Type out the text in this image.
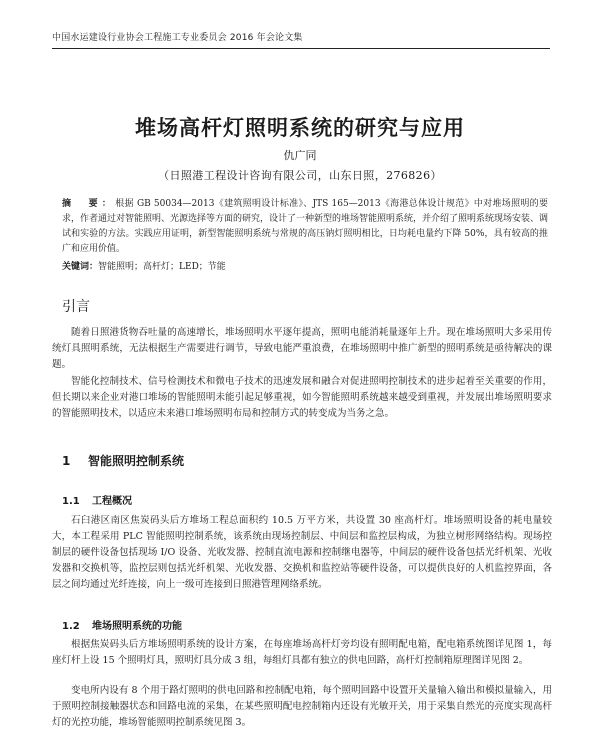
中国水运建设行业协会工程施工专业委员会 2016 年会论文集
堆场高杆灯照明系统的研究与应用
仇广同
（日照港工程设计咨询有限公司，山东日照，276826）
摘　要：根据 GB 50034—2013《建筑照明设计标准》、JTS 165—2013《海港总体设计规范》中对堆场照明的要求，作者通过对智能照明、光源选择等方面的研究，设计了一种新型的堆场智能照明系统，并介绍了照明系统现场安装、调试和实验的方法。实践应用证明，新型智能照明系统与常规的高压钠灯照明相比，日均耗电量约下降 50%，具有较高的推广和应用价值。
关键词：智能照明；高杆灯；LED；节能
引言
随着日照港货物吞吐量的高速增长，堆场照明水平逐年提高，照明电能消耗量逐年上升。现在堆场照明大多采用传统灯具照明系统，无法根据生产需要进行调节，导致电能严重浪费，在堆场照明中推广新型的照明系统是亟待解决的课题。
智能化控制技术、信号检测技术和微电子技术的迅速发展和融合对促进照明控制技术的进步起着至关重要的作用，但长期以来企业对港口堆场的智能照明未能引起足够重视，如今智能照明系统越来越受到重视，并发展出堆场照明要求的智能照明技术，以适应未来港口堆场照明布局和控制方式的转变成为当务之急。
1 智能照明控制系统
1.1 工程概况
石臼港区南区焦炭码头后方堆场工程总面积约 10.5 万平方米，共设置 30 座高杆灯。堆场照明设备的耗电量较大，本工程采用 PLC 智能照明控制系统，该系统由现场控制层、中间层和监控层构成，为独立树形网络结构。现场控制层的硬件设备包括现场 I/O 设备、光收发器、控制直流电源和控制继电器等，中间层的硬件设备包括光纤机架、光收发器和交换机等，监控层则包括光纤机架、光收发器、交换机和监控站等硬件设备，可以提供良好的人机监控界面，各层之间均通过光纤连接，向上一级可连接到日照港管理网络系统。
1.2 堆场照明系统的功能
根据焦炭码头后方堆场照明系统的设计方案，在每座堆场高杆灯旁均设有照明配电箱，配电箱系统图详见图 1，每座灯杆上设 15 个照明灯具，照明灯具分成 3 组，每组灯具都有独立的供电回路，高杆灯控制箱原理图详见图 2。
变电所内设有 8 个用于路灯照明的供电回路和控制配电箱，每个照明回路中设置开关量输入输出和模拟量输入，用于照明控制接触器状态和回路电流的采集，在某些照明配电控制箱内还设有光敏开关，用于采集自然光的亮度实现高杆灯的光控功能，堆场智能照明控制系统见图 3。
